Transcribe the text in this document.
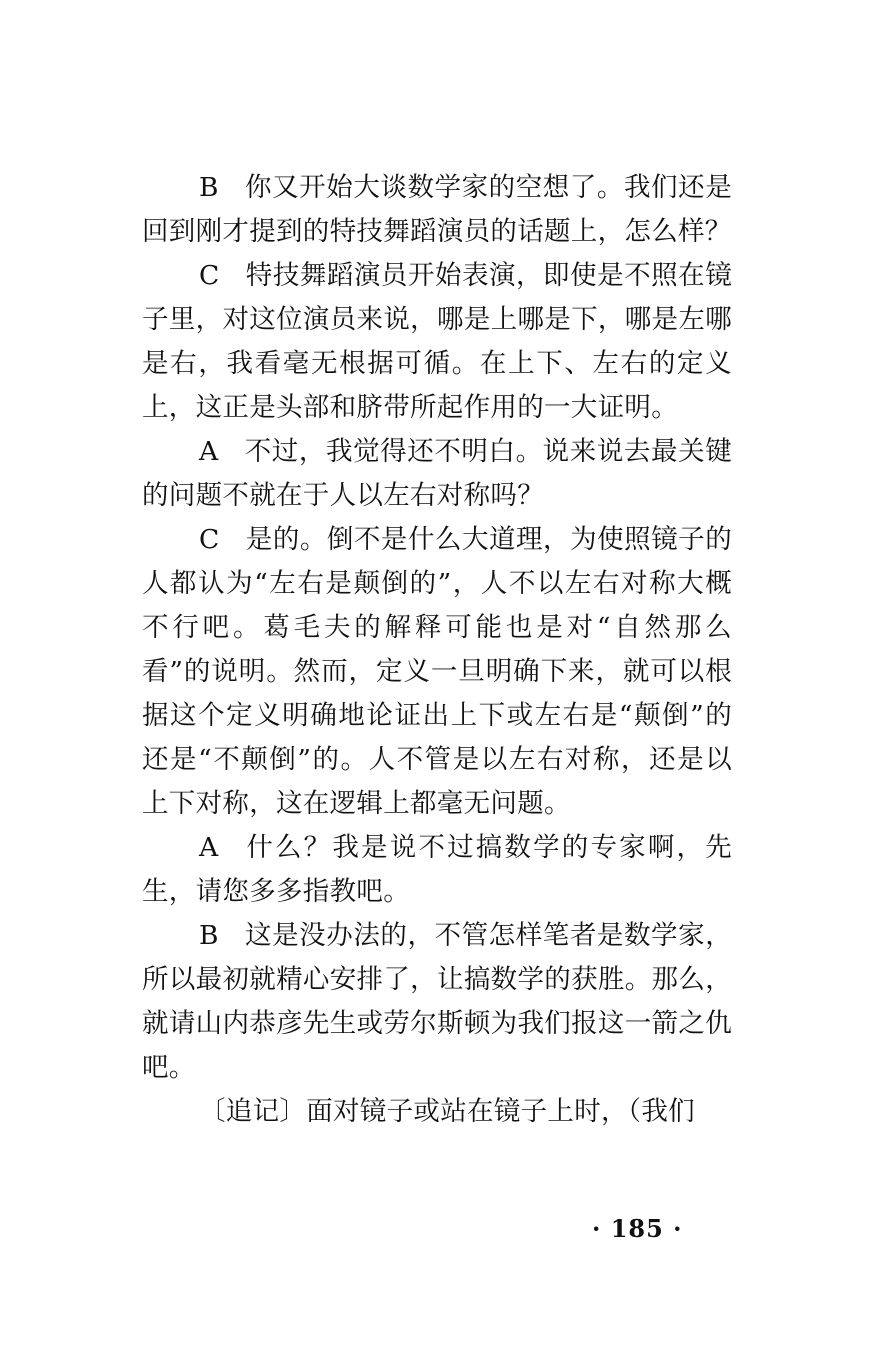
B 你又开始大谈数学家的空想了。我们还是回到刚才提到的特技舞蹈演员的话题上，怎么样？

C 特技舞蹈演员开始表演，即使是不照在镜子里，对这位演员来说，哪是上哪是下，哪是左哪是右，我看毫无根据可循。在上下、左右的定义上，这正是头部和脐带所起作用的一大证明。

A 不过，我觉得还不明白。说来说去最关键的问题不就在于人以左右对称吗？

C 是的。倒不是什么大道理，为使照镜子的人都认为“左右是颠倒的”，人不以左右对称大概不行吧。葛毛夫的解释可能也是对“自然那么看”的说明。然而，定义一旦明确下来，就可以根据这个定义明确地论证出上下或左右是“颠倒”的还是“不颠倒”的。人不管是以左右对称，还是以上下对称，这在逻辑上都毫无问题。

A 什么？我是说不过搞数学的专家啊，先生，请您多多指教吧。

B 这是没办法的，不管怎样笔者是数学家，所以最初就精心安排了，让搞数学的获胜。那么，就请山内恭彦先生或劳尔斯顿为我们报这一箭之仇吧。

〔追记〕面对镜子或站在镜子上时，（我们

· 185 ·
